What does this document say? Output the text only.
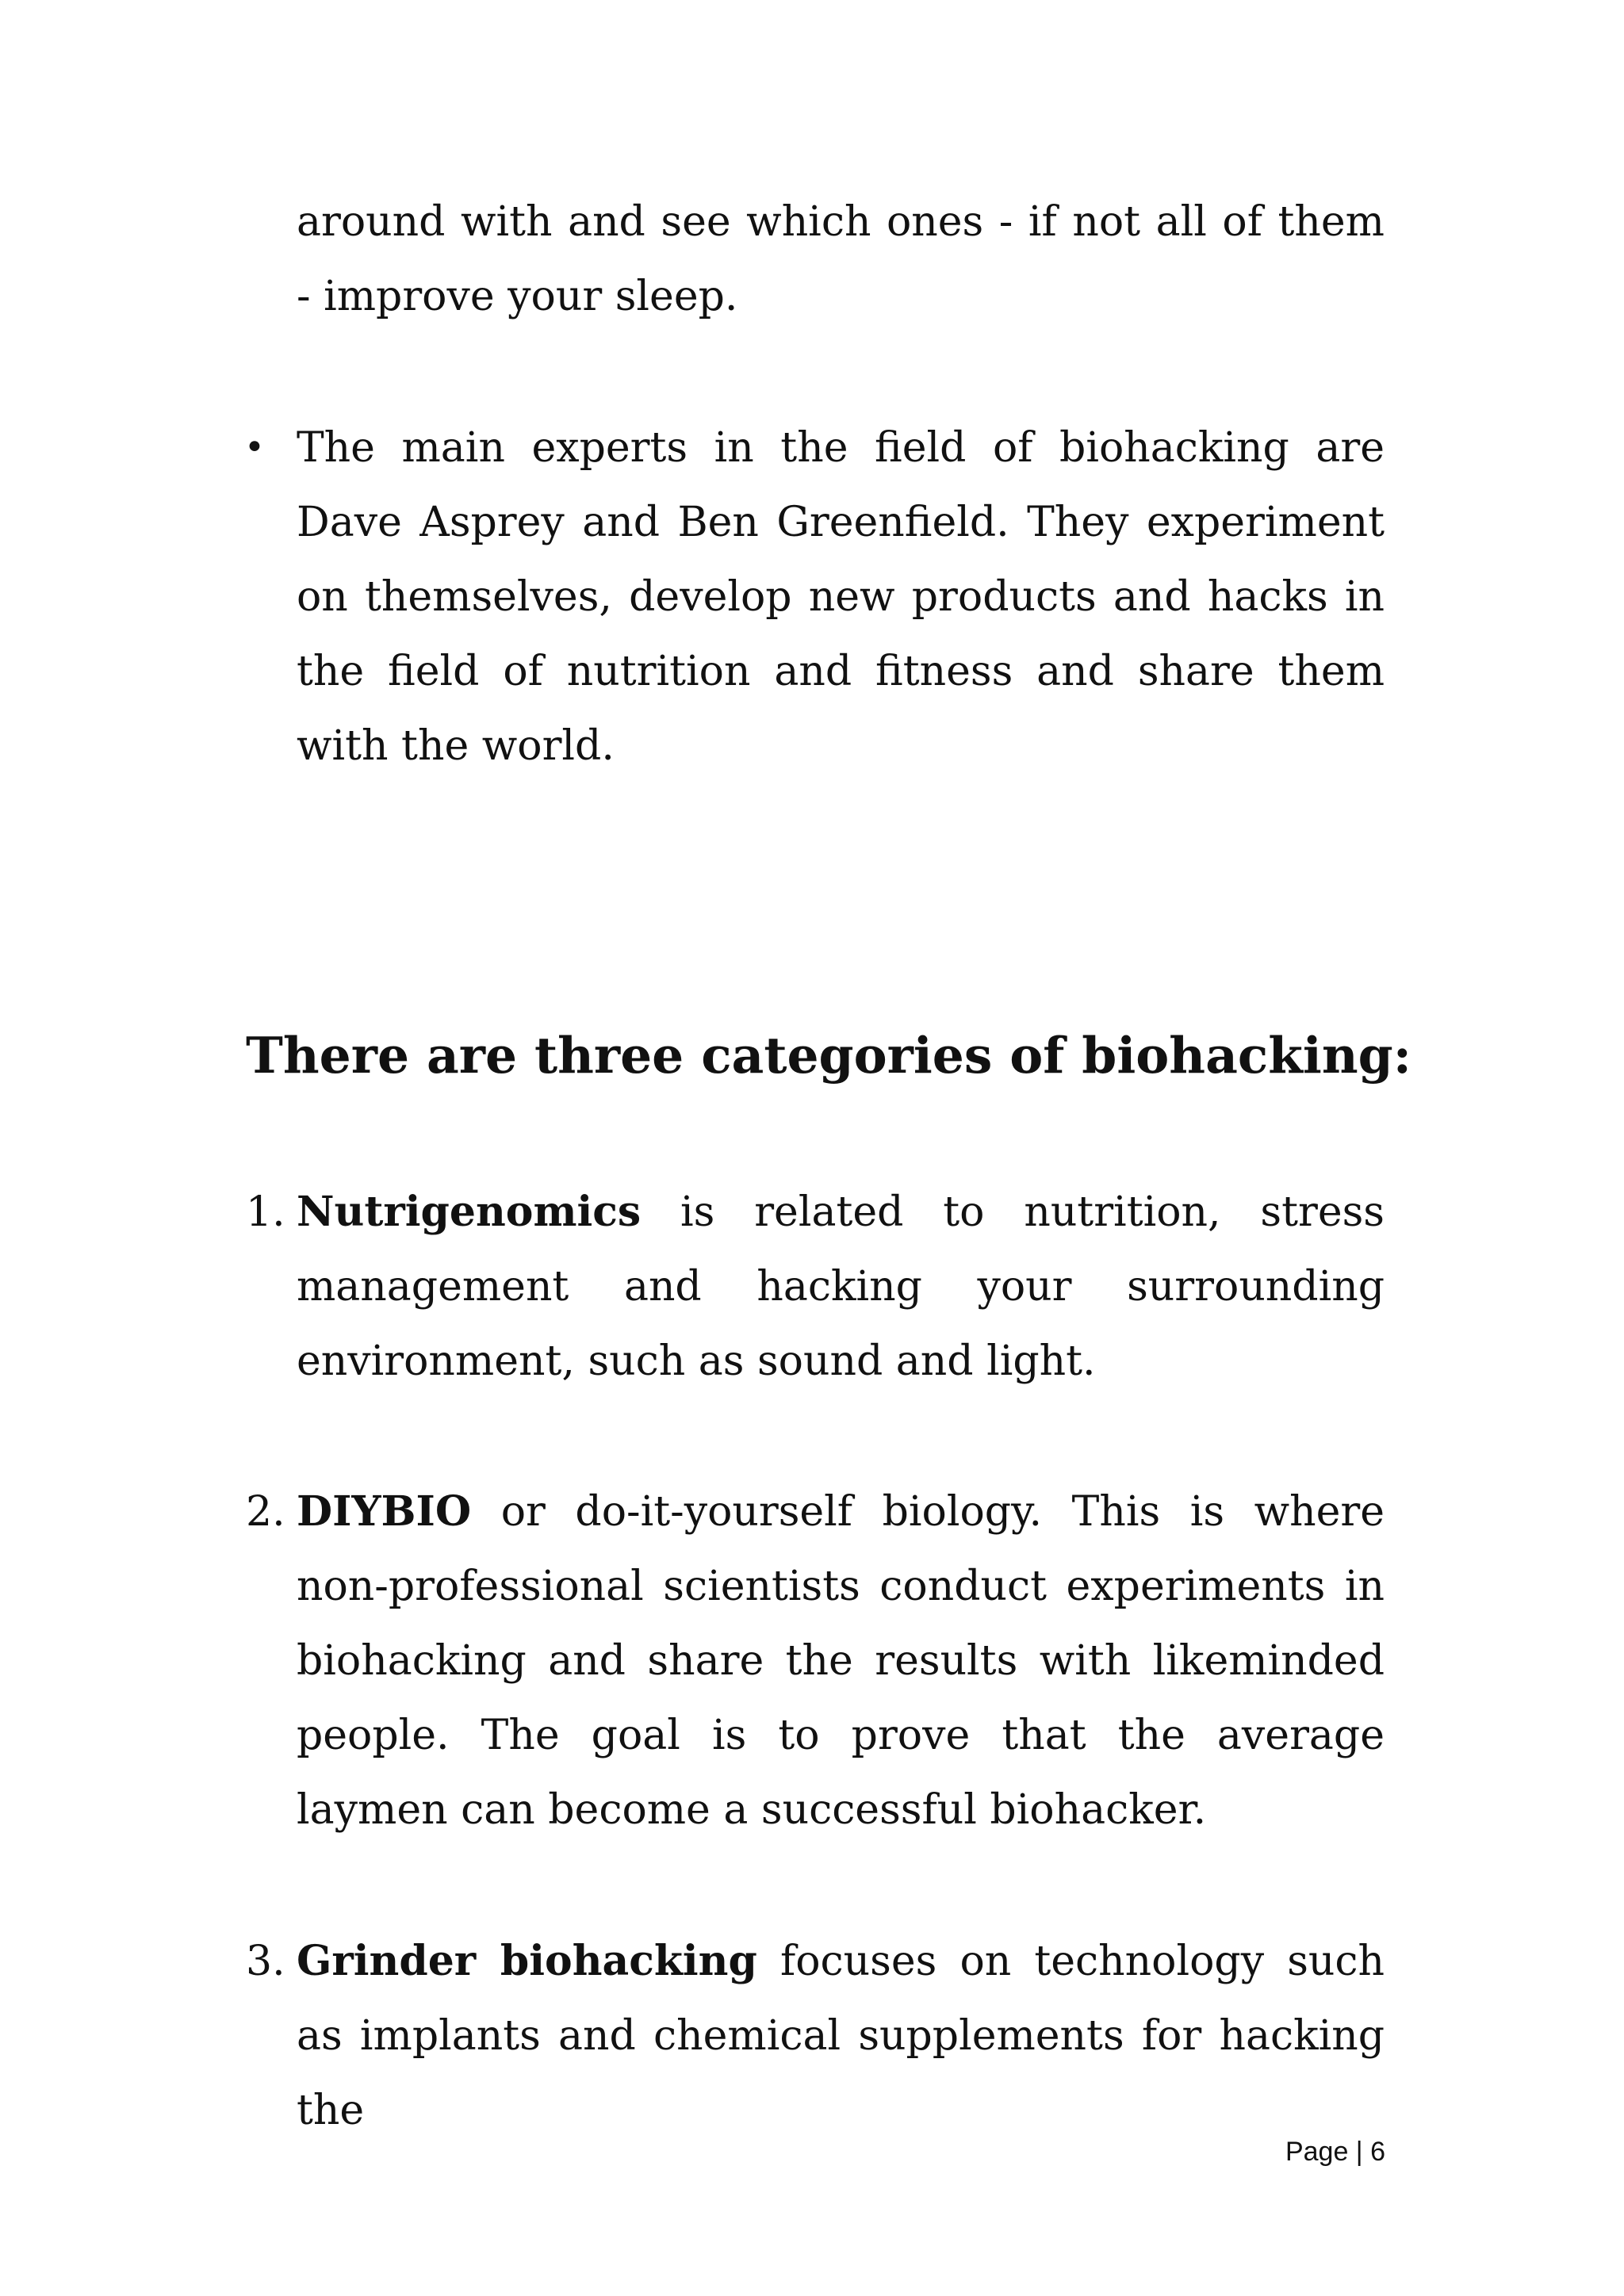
around with and see which ones - if not all of them - improve your sleep.
• The main experts in the field of biohacking are Dave Asprey and Ben Greenfield. They experiment on themselves, develop new products and hacks in the field of nutrition and fitness and share them with the world.
There are three categories of biohacking:
1. Nutrigenomics is related to nutrition, stress management and hacking your surrounding environment, such as sound and light.
2. DIYBIO or do-it-yourself biology. This is where non-professional scientists conduct experiments in biohacking and share the results with likeminded people. The goal is to prove that the average laymen can become a successful biohacker.
3. Grinder biohacking focuses on technology such as implants and chemical supplements for hacking the
Page | 6
